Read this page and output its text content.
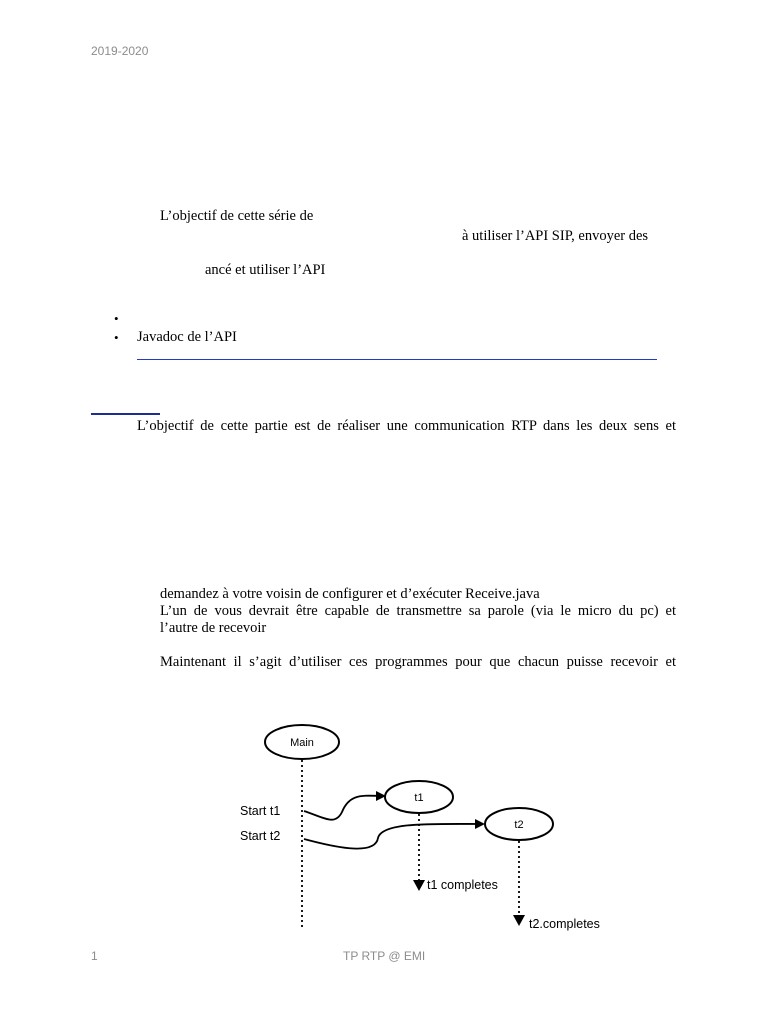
2019-2020
L’objectif de cette série de
à utiliser l’API SIP, envoyer des
ancé et utiliser l’API
•
• Javadoc de l’API
L’objectif de cette partie est de réaliser une communication RTP dans les deux sens et
demandez à votre voisin de configurer et d’exécuter Receive.java
L’un de vous devrait être capable de transmettre sa parole (via le micro du pc) et
l’autre de recevoir
Maintenant il s’agit d’utiliser ces programmes pour que chacun puisse recevoir et
Main
t1
t2
Start t1
Start t2
t1 completes
t2.completes
1	TP RTP @ EMI
